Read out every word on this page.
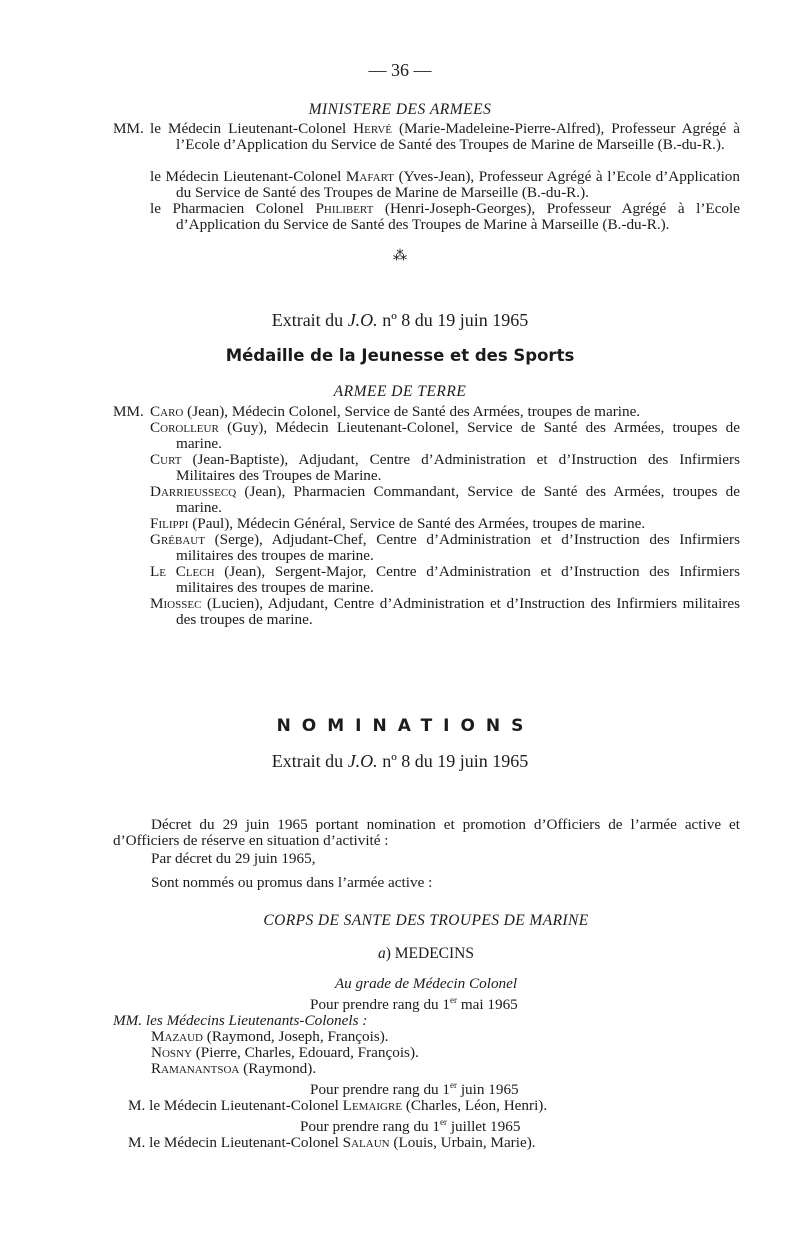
— 36 —
MINISTERE DES ARMEES
MM. le Médecin Lieutenant-Colonel Hervé (Marie-Madeleine-Pierre-Alfred), Professeur Agrégé à l’Ecole d’Application du Service de Santé des Troupes de Marine de Marseille (B.-du-R.).
le Médecin Lieutenant-Colonel Mafart (Yves-Jean), Professeur Agrégé à l’Ecole d’Application du Service de Santé des Troupes de Marine de Marseille (B.-du-R.).
le Pharmacien Colonel Philibert (Henri-Joseph-Georges), Professeur Agrégé à l’Ecole d’Application du Service de Santé des Troupes de Marine à Marseille (B.-du-R.).
⁂
Extrait du J.O. nº 8 du 19 juin 1965
Médaille de la Jeunesse et des Sports
ARMEE DE TERRE
MM. Caro (Jean), Médecin Colonel, Service de Santé des Armées, troupes de marine.
Corolleur (Guy), Médecin Lieutenant-Colonel, Service de Santé des Armées, troupes de marine.
Curt (Jean-Baptiste), Adjudant, Centre d’Administration et d’Instruction des Infirmiers Militaires des Troupes de Marine.
Darrieussecq (Jean), Pharmacien Commandant, Service de Santé des Armées, troupes de marine.
Filippi (Paul), Médecin Général, Service de Santé des Armées, troupes de marine.
Grébaut (Serge), Adjudant-Chef, Centre d’Administration et d’Instruction des Infirmiers militaires des troupes de marine.
Le Clech (Jean), Sergent-Major, Centre d’Administration et d’Instruction des Infirmiers militaires des troupes de marine.
Miossec (Lucien), Adjudant, Centre d’Administration et d’Instruction des Infirmiers militaires des troupes de marine.
NOMINATIONS
Extrait du J.O. nº 8 du 19 juin 1965
Décret du 29 juin 1965 portant nomination et promotion d’Officiers de l’armée active et d’Officiers de réserve en situation d’activité :
Par décret du 29 juin 1965,
Sont nommés ou promus dans l’armée active :
CORPS DE SANTE DES TROUPES DE MARINE
a) MEDECINS
Au grade de Médecin Colonel
Pour prendre rang du 1er mai 1965
MM. les Médecins Lieutenants-Colonels :
Mazaud (Raymond, Joseph, François).
Nosny (Pierre, Charles, Edouard, François).
Ramanantsoa (Raymond).
Pour prendre rang du 1er juin 1965
M. le Médecin Lieutenant-Colonel Lemaigre (Charles, Léon, Henri).
Pour prendre rang du 1er juillet 1965
M. le Médecin Lieutenant-Colonel Salaun (Louis, Urbain, Marie).
